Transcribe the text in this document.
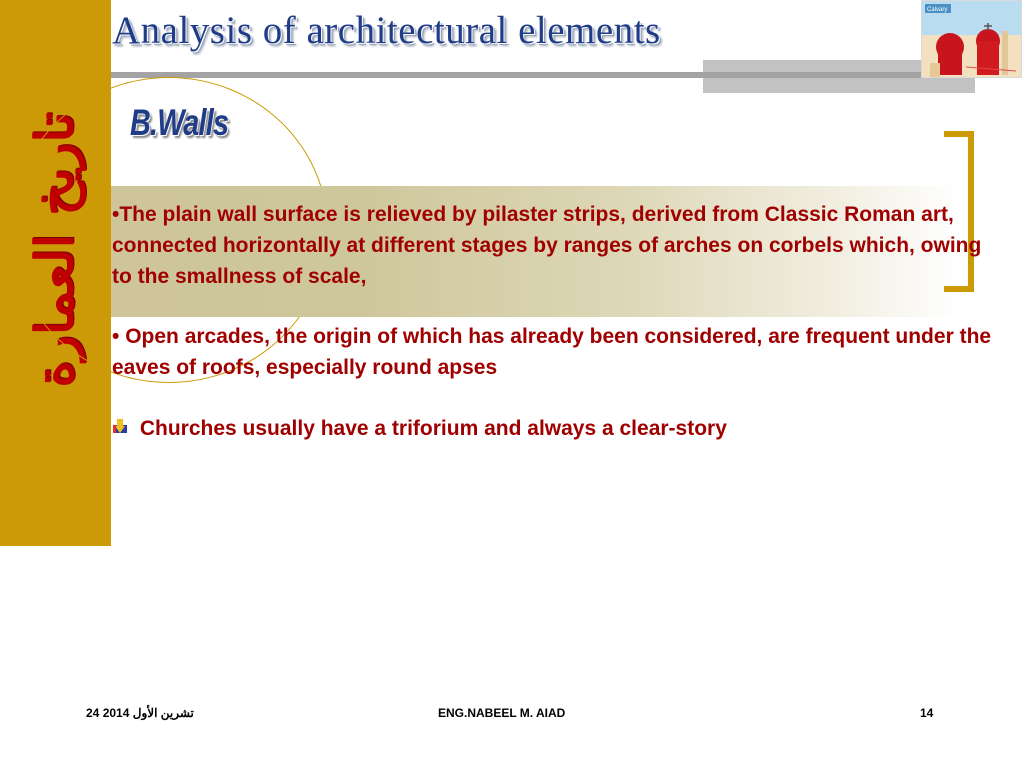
تاريخ العمارة
Analysis of architectural elements	Calvary
B.Walls

•The plain wall surface is relieved by pilaster strips, derived from Classic Roman art, connected horizontally at different stages by ranges of arches on corbels which, owing to the smallness of scale,

• Open arcades, the origin of which has already been considered, are frequent under the eaves of roofs, especially round apses

Churches usually have a triforium and always a clear-story

24 تشرين الأول 2014	ENG.NABEEL M. AIAD	14
